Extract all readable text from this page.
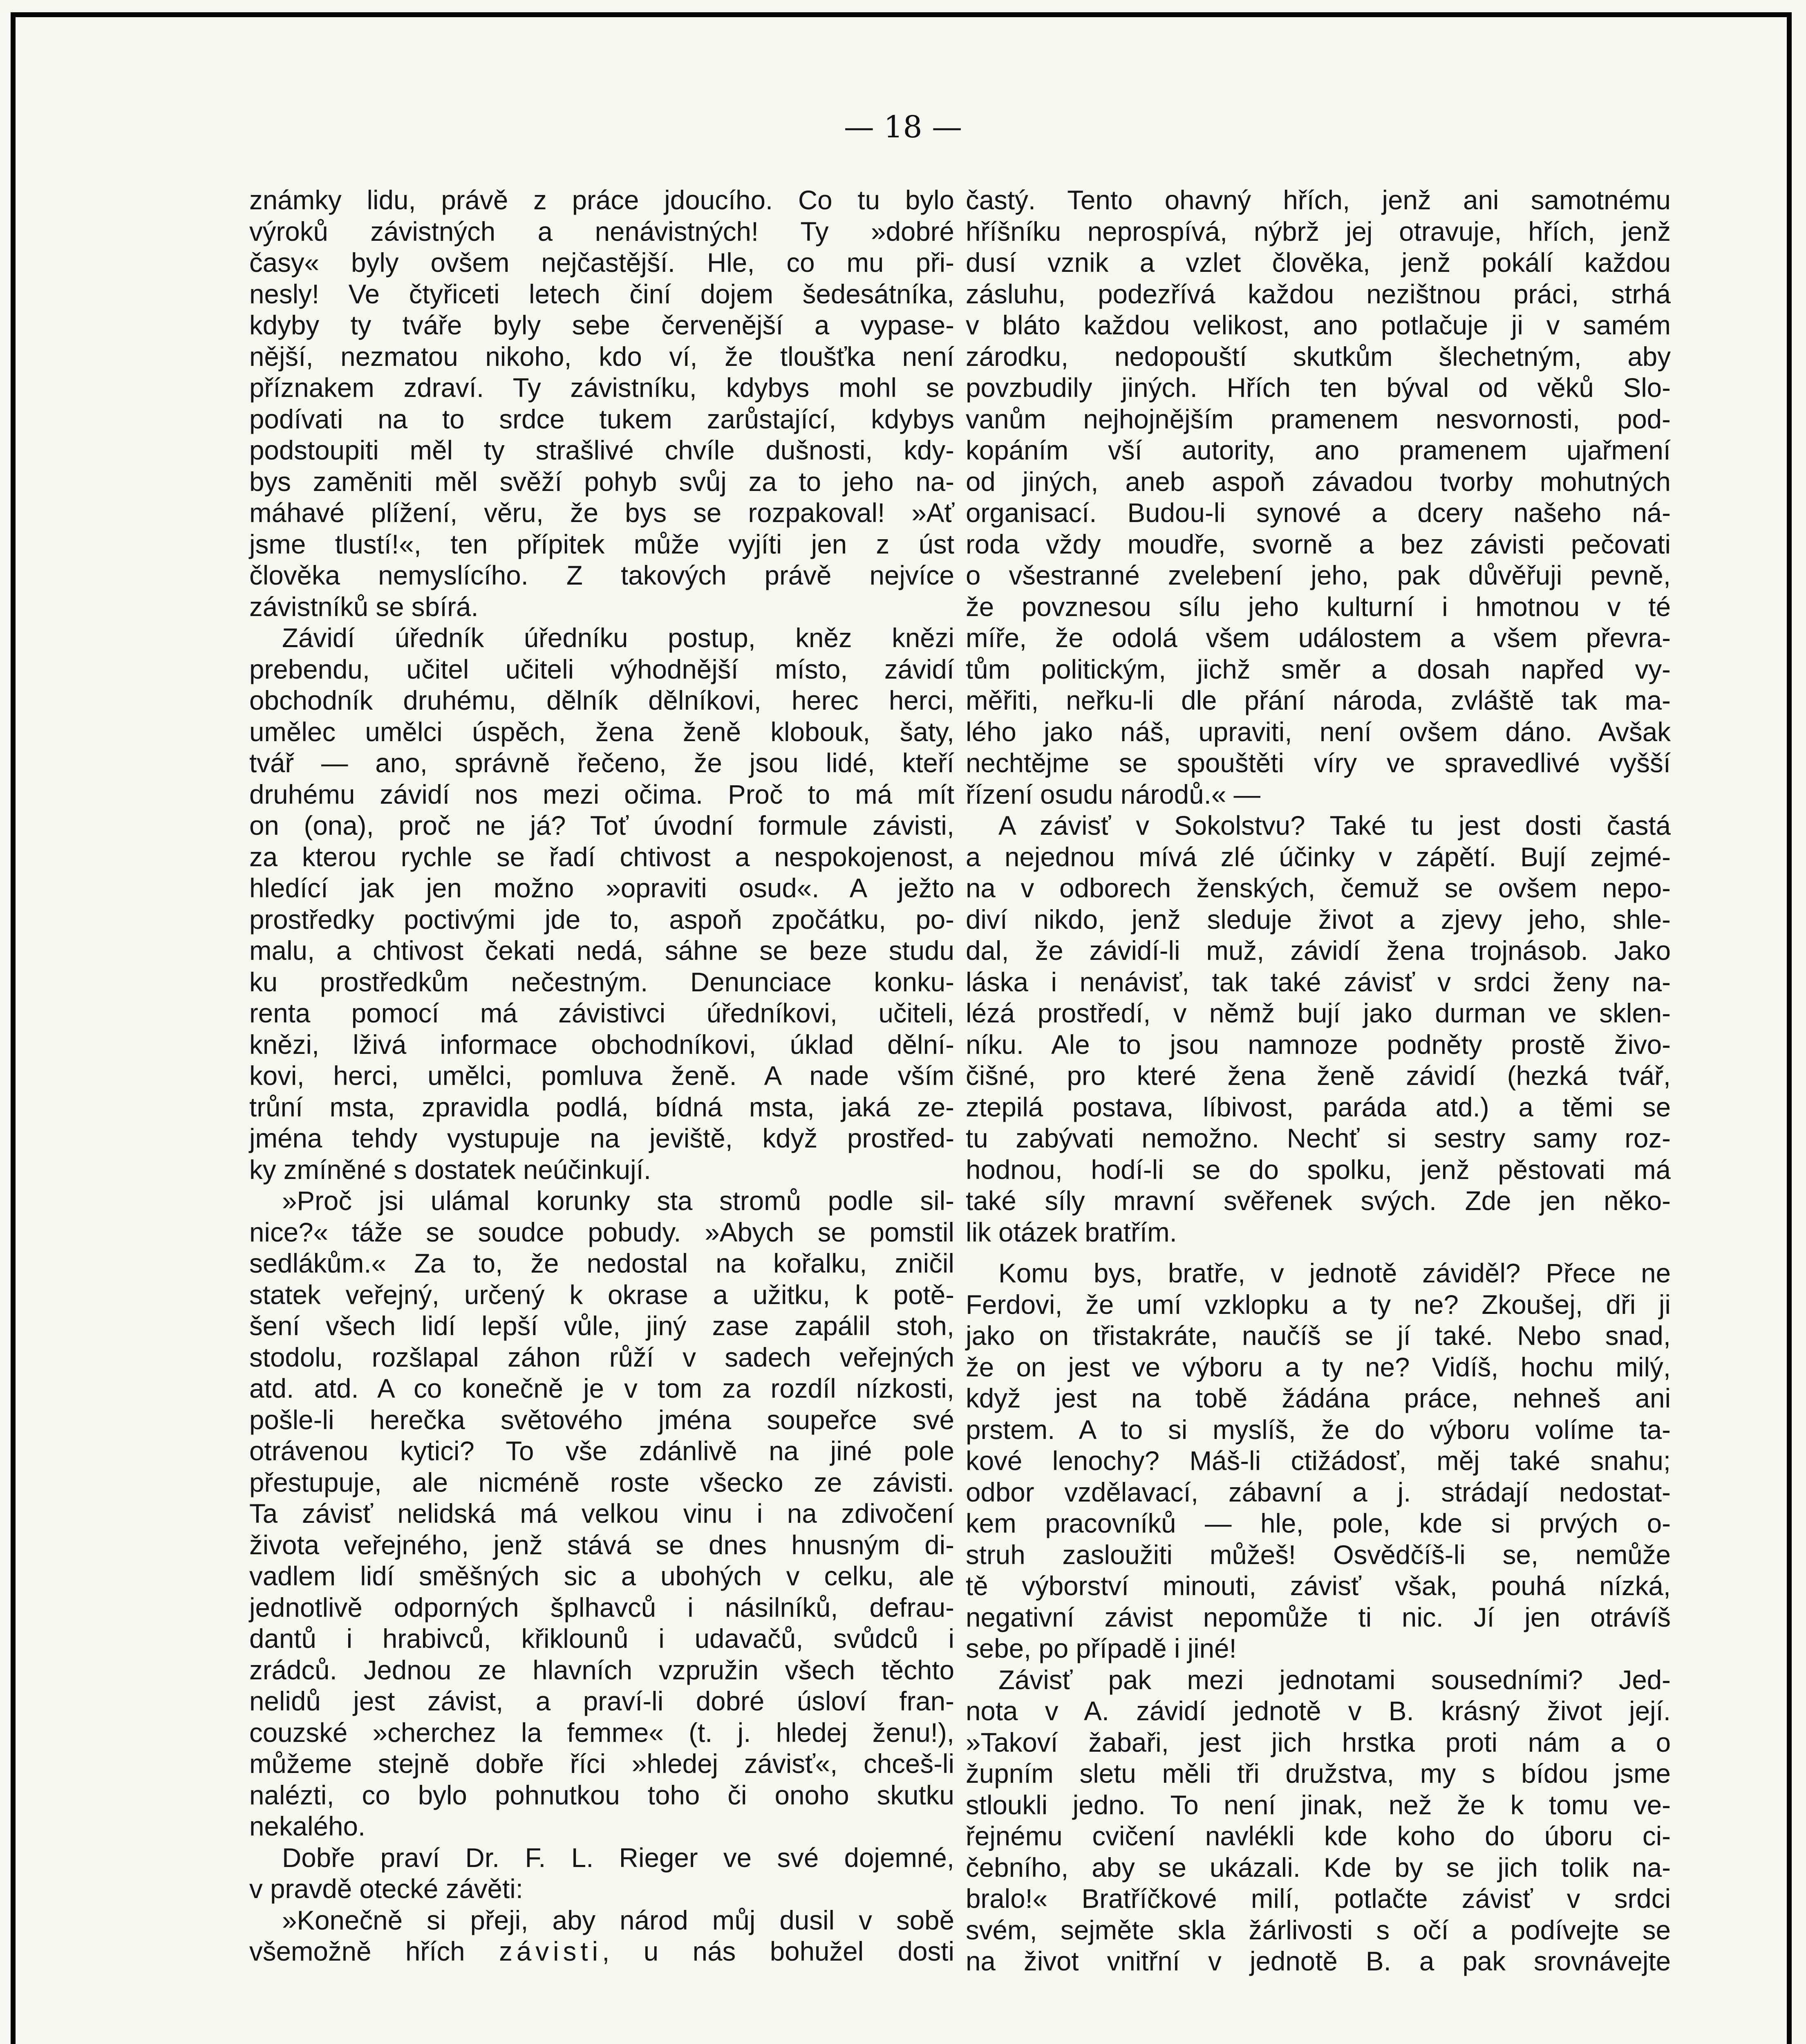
— 18 —
známky lidu, právě z práce jdoucího. Co tu bylo
výroků závistných a nenávistných! Ty »dobré
časy« byly ovšem nejčastější. Hle, co mu při-
nesly! Ve čtyřiceti letech činí dojem šedesátníka,
kdyby ty tváře byly sebe červenější a vypase-
nější, nezmatou nikoho, kdo ví, že tloušťka není
příznakem zdraví. Ty závistníku, kdybys mohl se
podívati na to srdce tukem zarůstající, kdybys
podstoupiti měl ty strašlivé chvíle dušnosti, kdy-
bys zaměniti měl svěží pohyb svůj za to jeho na-
máhavé plížení, věru, že bys se rozpakoval! »Ať
jsme tlustí!«, ten přípitek může vyjíti jen z úst
člověka nemyslícího. Z takových právě nejvíce
závistníků se sbírá.
Závidí úředník úředníku postup, kněz knězi
prebendu, učitel učiteli výhodnější místo, závidí
obchodník druhému, dělník dělníkovi, herec herci,
umělec umělci úspěch, žena ženě klobouk, šaty,
tvář — ano, správně řečeno, že jsou lidé, kteří
druhému závidí nos mezi očima. Proč to má mít
on (ona), proč ne já? Toť úvodní formule závisti,
za kterou rychle se řadí chtivost a nespokojenost,
hledící jak jen možno »opraviti osud«. A ježto
prostředky poctivými jde to, aspoň zpočátku, po-
malu, a chtivost čekati nedá, sáhne se beze studu
ku prostředkům nečestným. Denunciace konku-
renta pomocí má závistivci úředníkovi, učiteli,
knězi, lživá informace obchodníkovi, úklad dělní-
kovi, herci, umělci, pomluva ženě. A nade vším
trůní msta, zpravidla podlá, bídná msta, jaká ze-
jména tehdy vystupuje na jeviště, když prostřed-
ky zmíněné s dostatek neúčinkují.
»Proč jsi ulámal korunky sta stromů podle sil-
nice?« táže se soudce pobudy. »Abych se pomstil
sedlákům.« Za to, že nedostal na kořalku, zničil
statek veřejný, určený k okrase a užitku, k potě-
šení všech lidí lepší vůle, jiný zase zapálil stoh,
stodolu, rozšlapal záhon růží v sadech veřejných
atd. atd. A co konečně je v tom za rozdíl nízkosti,
pošle-li herečka světového jména soupeřce své
otrávenou kytici? To vše zdánlivě na jiné pole
přestupuje, ale nicméně roste všecko ze závisti.
Ta závisť nelidská má velkou vinu i na zdivočení
života veřejného, jenž stává se dnes hnusným di-
vadlem lidí směšných sic a ubohých v celku, ale
jednotlivě odporných šplhavců i násilníků, defrau-
dantů i hrabivců, křiklounů i udavačů, svůdců i
zrádců. Jednou ze hlavních vzpružin všech těchto
nelidů jest závist, a praví-li dobré úsloví fran-
couzské »cherchez la femme« (t. j. hledej ženu!),
můžeme stejně dobře říci »hledej závisť«, chceš-li
nalézti, co bylo pohnutkou toho či onoho skutku
nekalého.
Dobře praví Dr. F. L. Rieger ve své dojemné,
v pravdě otecké závěti:
»Konečně si přeji, aby národ můj dusil v sobě
všemožně hřích závisti, u nás bohužel dosti
častý. Tento ohavný hřích, jenž ani samotnému
hříšníku neprospívá, nýbrž jej otravuje, hřích, jenž
dusí vznik a vzlet člověka, jenž pokálí každou
zásluhu, podezřívá každou nezištnou práci, strhá
v bláto každou velikost, ano potlačuje ji v samém
zárodku, nedopouští skutkům šlechetným, aby
povzbudily jiných. Hřích ten býval od věků Slo-
vanům nejhojnějším pramenem nesvornosti, pod-
kopáním vší autority, ano pramenem ujařmení
od jiných, aneb aspoň závadou tvorby mohutných
organisací. Budou-li synové a dcery našeho ná-
roda vždy moudře, svorně a bez závisti pečovati
o všestranné zvelebení jeho, pak důvěřuji pevně,
že povznesou sílu jeho kulturní i hmotnou v té
míře, že odolá všem událostem a všem převra-
tům politickým, jichž směr a dosah napřed vy-
měřiti, neřku-li dle přání národa, zvláště tak ma-
lého jako náš, upraviti, není ovšem dáno. Avšak
nechtějme se spouštěti víry ve spravedlivé vyšší
řízení osudu národů.« —
A závisť v Sokolstvu? Také tu jest dosti častá
a nejednou mívá zlé účinky v zápětí. Bují zejmé-
na v odborech ženských, čemuž se ovšem nepo-
diví nikdo, jenž sleduje život a zjevy jeho, shle-
dal, že závidí-li muž, závidí žena trojnásob. Jako
láska i nenávisť, tak také závisť v srdci ženy na-
lézá prostředí, v němž bují jako durman ve sklen-
níku. Ale to jsou namnoze podněty prostě živo-
čišné, pro které žena ženě závidí (hezká tvář,
ztepilá postava, líbivost, paráda atd.) a těmi se
tu zabývati nemožno. Nechť si sestry samy roz-
hodnou, hodí-li se do spolku, jenž pěstovati má
také síly mravní svěřenek svých. Zde jen něko-
lik otázek bratřím.
Komu bys, bratře, v jednotě záviděl? Přece ne
Ferdovi, že umí vzklopku a ty ne? Zkoušej, dři ji
jako on třistakráte, naučíš se jí také. Nebo snad,
že on jest ve výboru a ty ne? Vidíš, hochu milý,
když jest na tobě žádána práce, nehneš ani
prstem. A to si myslíš, že do výboru volíme ta-
kové lenochy? Máš-li ctižádosť, měj také snahu;
odbor vzdělavací, zábavní a j. strádají nedostat-
kem pracovníků — hle, pole, kde si prvých o-
struh zasloužiti můžeš! Osvědčíš-li se, nemůže
tě výborství minouti, závisť však, pouhá nízká,
negativní závist nepomůže ti nic. Jí jen otrávíš
sebe, po případě i jiné!
Závisť pak mezi jednotami sousedními? Jed-
nota v A. závidí jednotě v B. krásný život její.
»Takoví žabaři, jest jich hrstka proti nám a o
župním sletu měli tři družstva, my s bídou jsme
stloukli jedno. To není jinak, než že k tomu ve-
řejnému cvičení navlékli kde koho do úboru ci-
čebního, aby se ukázali. Kde by se jich tolik na-
bralo!« Bratříčkové milí, potlačte závisť v srdci
svém, sejměte skla žárlivosti s očí a podívejte se
na život vnitřní v jednotě B. a pak srovnávejte
